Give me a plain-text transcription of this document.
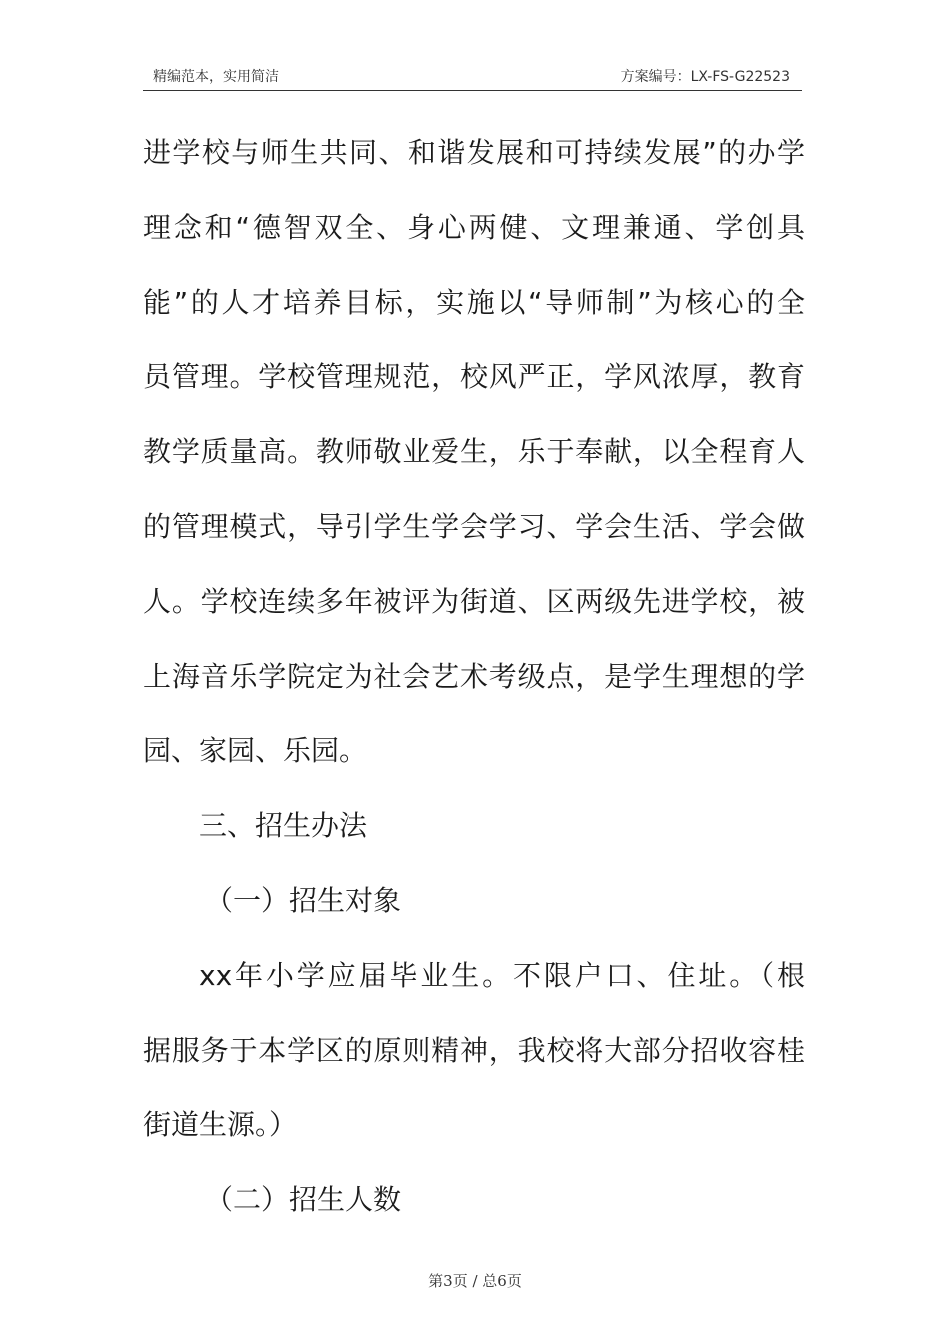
精编范本，实用简洁	方案编号：LX-FS-G22523
进学校与师生共同、和谐发展和可持续发展”的办学
理念和“德智双全、身心两健、文理兼通、学创具
能”的人才培养目标，实施以“导师制”为核心的全
员管理。学校管理规范，校风严正，学风浓厚，教育
教学质量高。教师敬业爱生，乐于奉献，以全程育人
的管理模式，导引学生学会学习、学会生活、学会做
人。学校连续多年被评为街道、区两级先进学校，被
上海音乐学院定为社会艺术考级点，是学生理想的学
园、家园、乐园。
三、招生办法
（一）招生对象
xx年小学应届毕业生。不限户口、住址。（根
据服务于本学区的原则精神，我校将大部分招收容桂
街道生源。）
（二）招生人数
第3页 / 总6页
